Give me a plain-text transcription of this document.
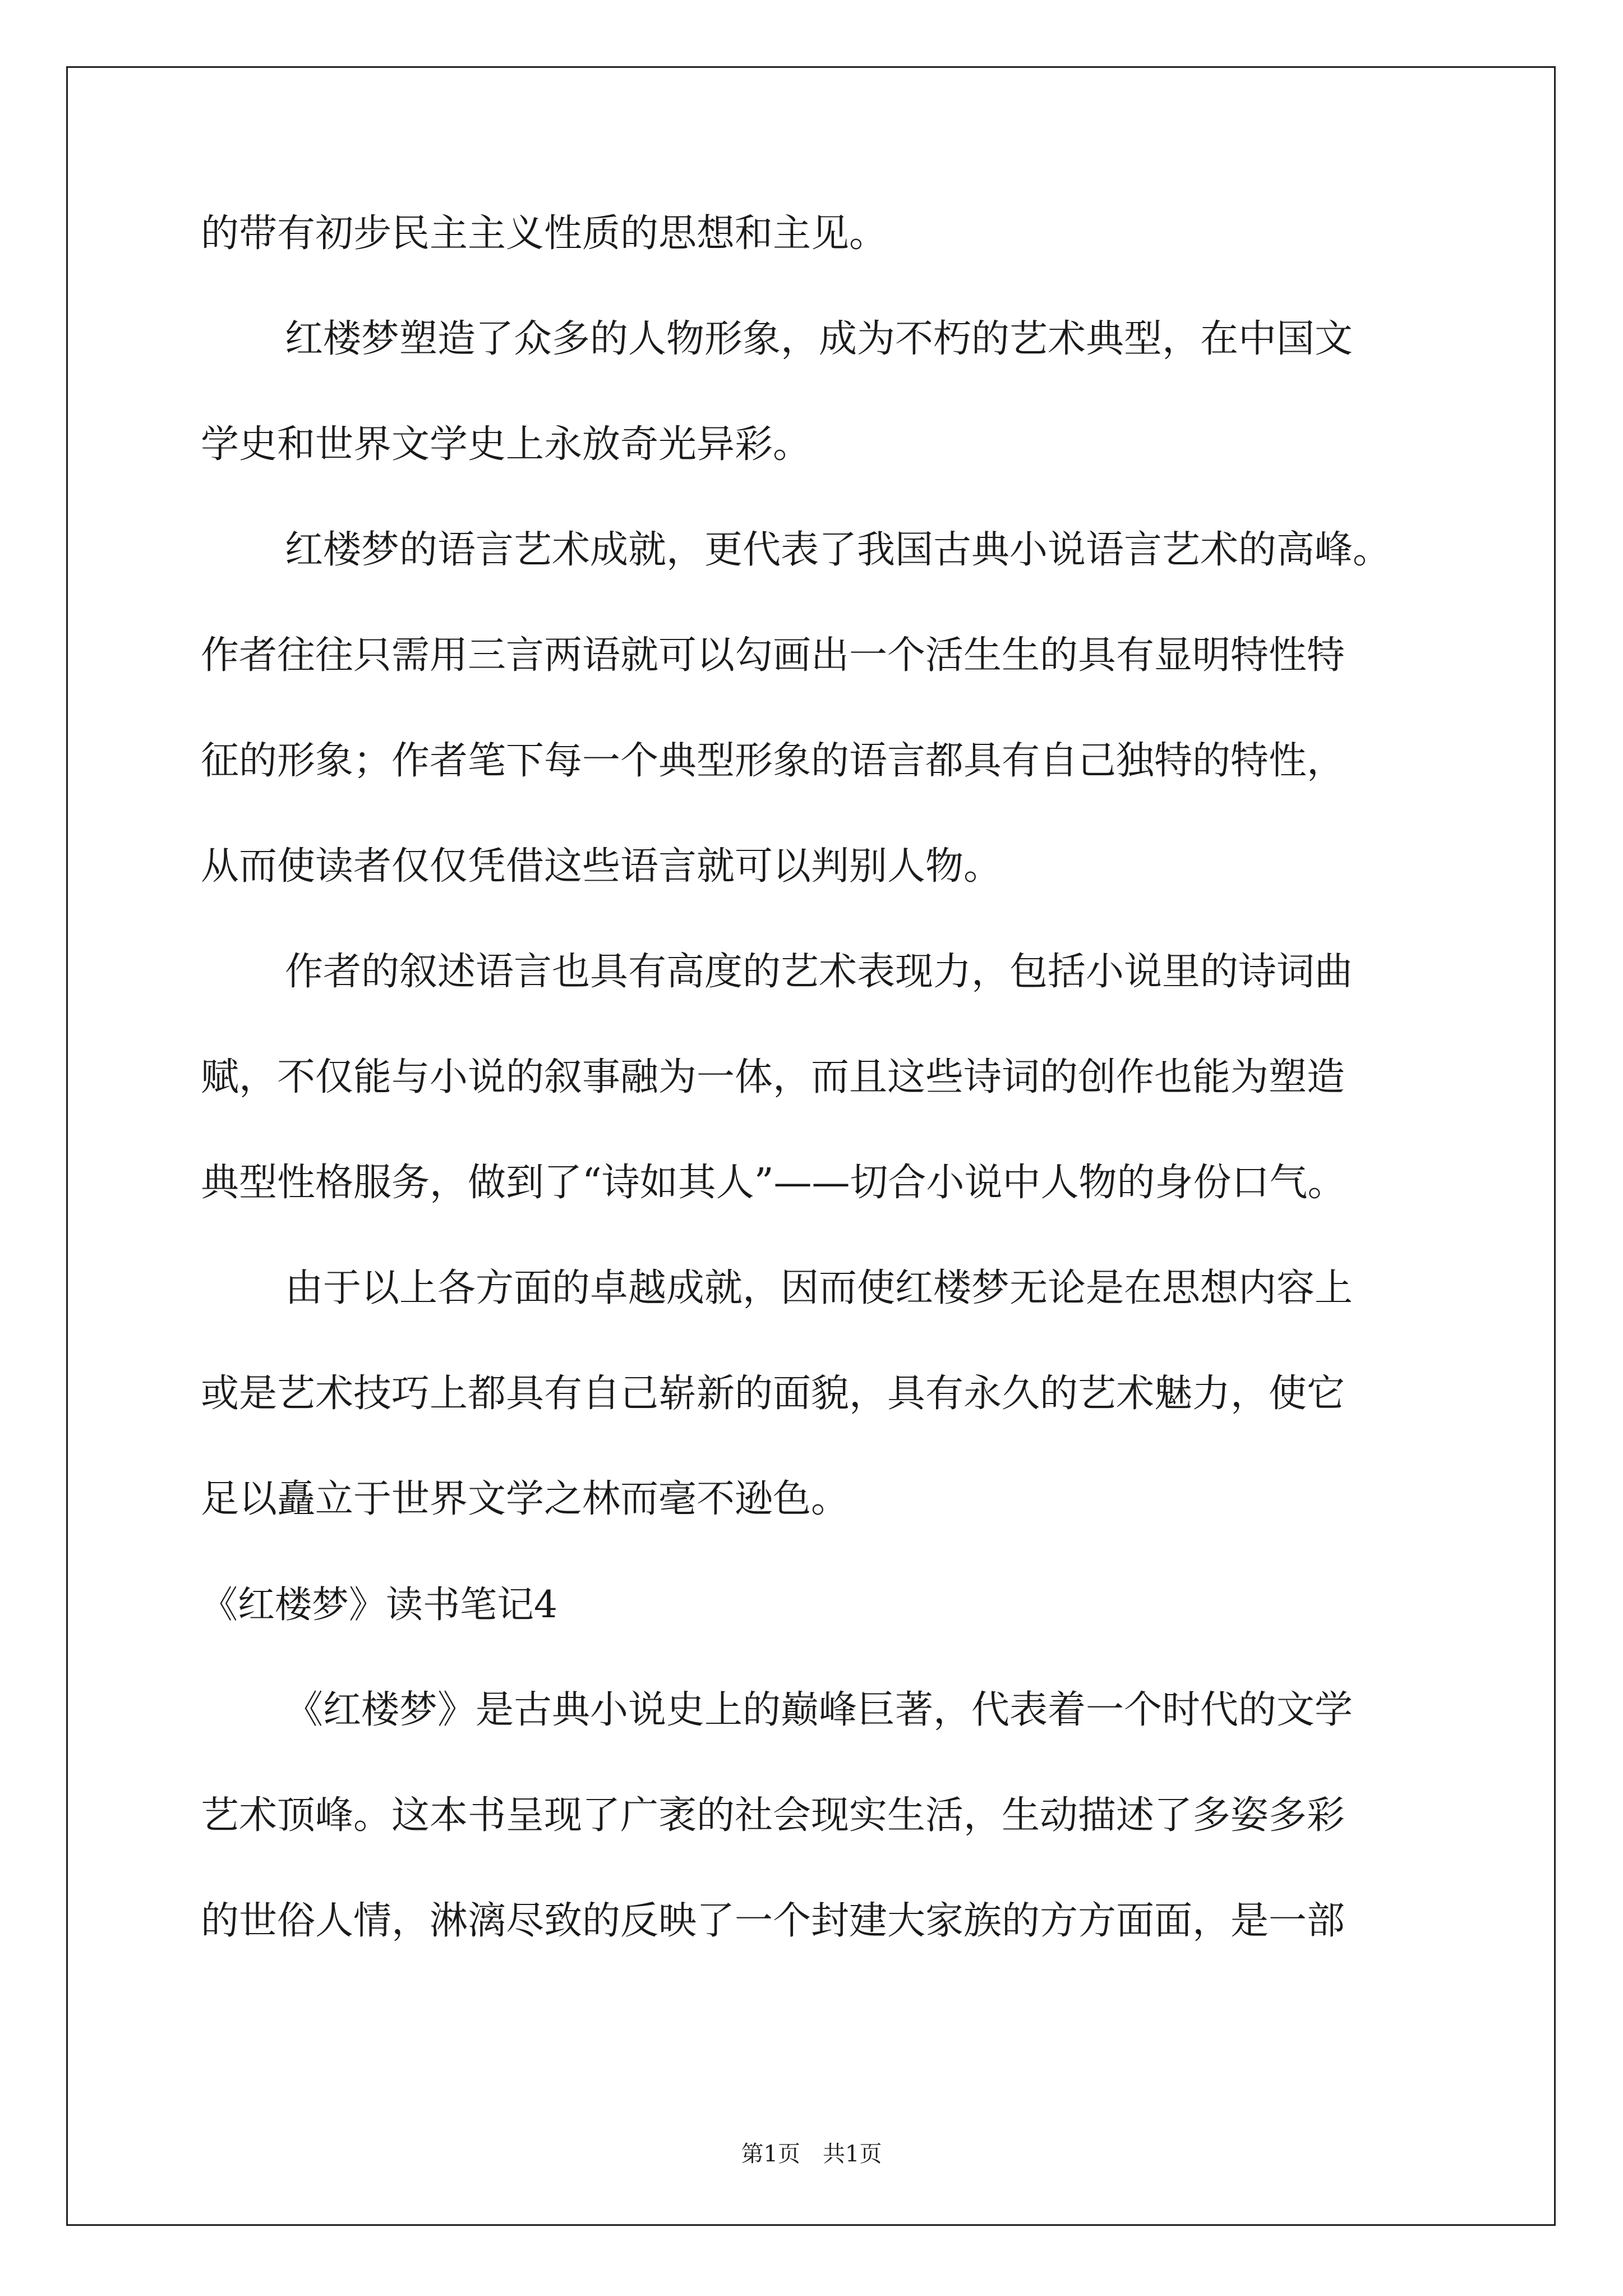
的带有初步民主主义性质的思想和主见。
红楼梦塑造了众多的人物形象，成为不朽的艺术典型，在中国文
学史和世界文学史上永放奇光异彩。
红楼梦的语言艺术成就，更代表了我国古典小说语言艺术的高峰。
作者往往只需用三言两语就可以勾画出一个活生生的具有显明特性特
征的形象；作者笔下每一个典型形象的语言都具有自己独特的特性，
从而使读者仅仅凭借这些语言就可以判别人物。
作者的叙述语言也具有高度的艺术表现力，包括小说里的诗词曲
赋，不仅能与小说的叙事融为一体，而且这些诗词的创作也能为塑造
典型性格服务，做到了“诗如其人”——切合小说中人物的身份口气。
由于以上各方面的卓越成就，因而使红楼梦无论是在思想内容上
或是艺术技巧上都具有自己崭新的面貌，具有永久的艺术魅力，使它
足以矗立于世界文学之林而毫不逊色。
《红楼梦》读书笔记4
《红楼梦》是古典小说史上的巅峰巨著，代表着一个时代的文学
艺术顶峰。这本书呈现了广袤的社会现实生活，生动描述了多姿多彩
的世俗人情，淋漓尽致的反映了一个封建大家族的方方面面，是一部
第1页　共1页
